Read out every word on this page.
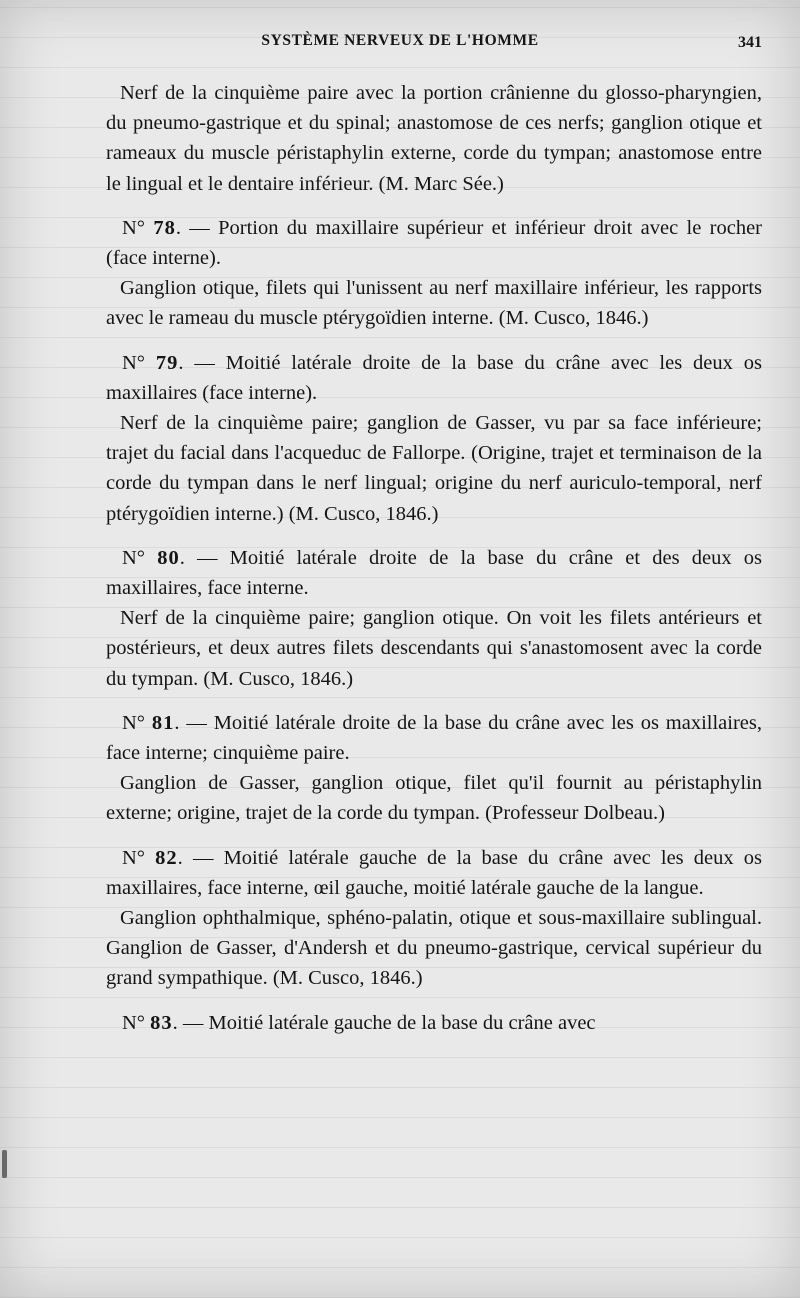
SYSTÈME NERVEUX DE L'HOMME	341

Nerf de la cinquième paire avec la portion crânienne du glosso-pharyngien, du pneumo-gastrique et du spinal; anastomose de ces nerfs; ganglion otique et rameaux du muscle péristaphylin externe, corde du tympan; anastomose entre le lingual et le dentaire inférieur. (M. Marc Sée.)

N° 78. — Portion du maxillaire supérieur et inférieur droit avec le rocher (face interne).

Ganglion otique, filets qui l'unissent au nerf maxillaire inférieur, les rapports avec le rameau du muscle ptérygoïdien interne. (M. Cusco, 1846.)

N° 79. — Moitié latérale droite de la base du crâne avec les deux os maxillaires (face interne).

Nerf de la cinquième paire; ganglion de Gasser, vu par sa face inférieure; trajet du facial dans l'acqueduc de Fallorpe. (Origine, trajet et terminaison de la corde du tympan dans le nerf lingual; origine du nerf auriculo-temporal, nerf ptérygoïdien interne.) (M. Cusco, 1846.)

N° 80. — Moitié latérale droite de la base du crâne et des deux os maxillaires, face interne.

Nerf de la cinquième paire; ganglion otique. On voit les filets antérieurs et postérieurs, et deux autres filets descendants qui s'anastomosent avec la corde du tympan. (M. Cusco, 1846.)

N° 81. — Moitié latérale droite de la base du crâne avec les os maxillaires, face interne; cinquième paire.

Ganglion de Gasser, ganglion otique, filet qu'il fournit au péristaphylin externe; origine, trajet de la corde du tympan. (Professeur Dolbeau.)

N° 82. — Moitié latérale gauche de la base du crâne avec les deux os maxillaires, face interne, œil gauche, moitié latérale gauche de la langue.

Ganglion ophthalmique, sphéno-palatin, otique et sous-maxillaire sublingual. Ganglion de Gasser, d'Andersh et du pneumo-gastrique, cervical supérieur du grand sympathique. (M. Cusco, 1846.)

N° 83. — Moitié latérale gauche de la base du crâne avec
